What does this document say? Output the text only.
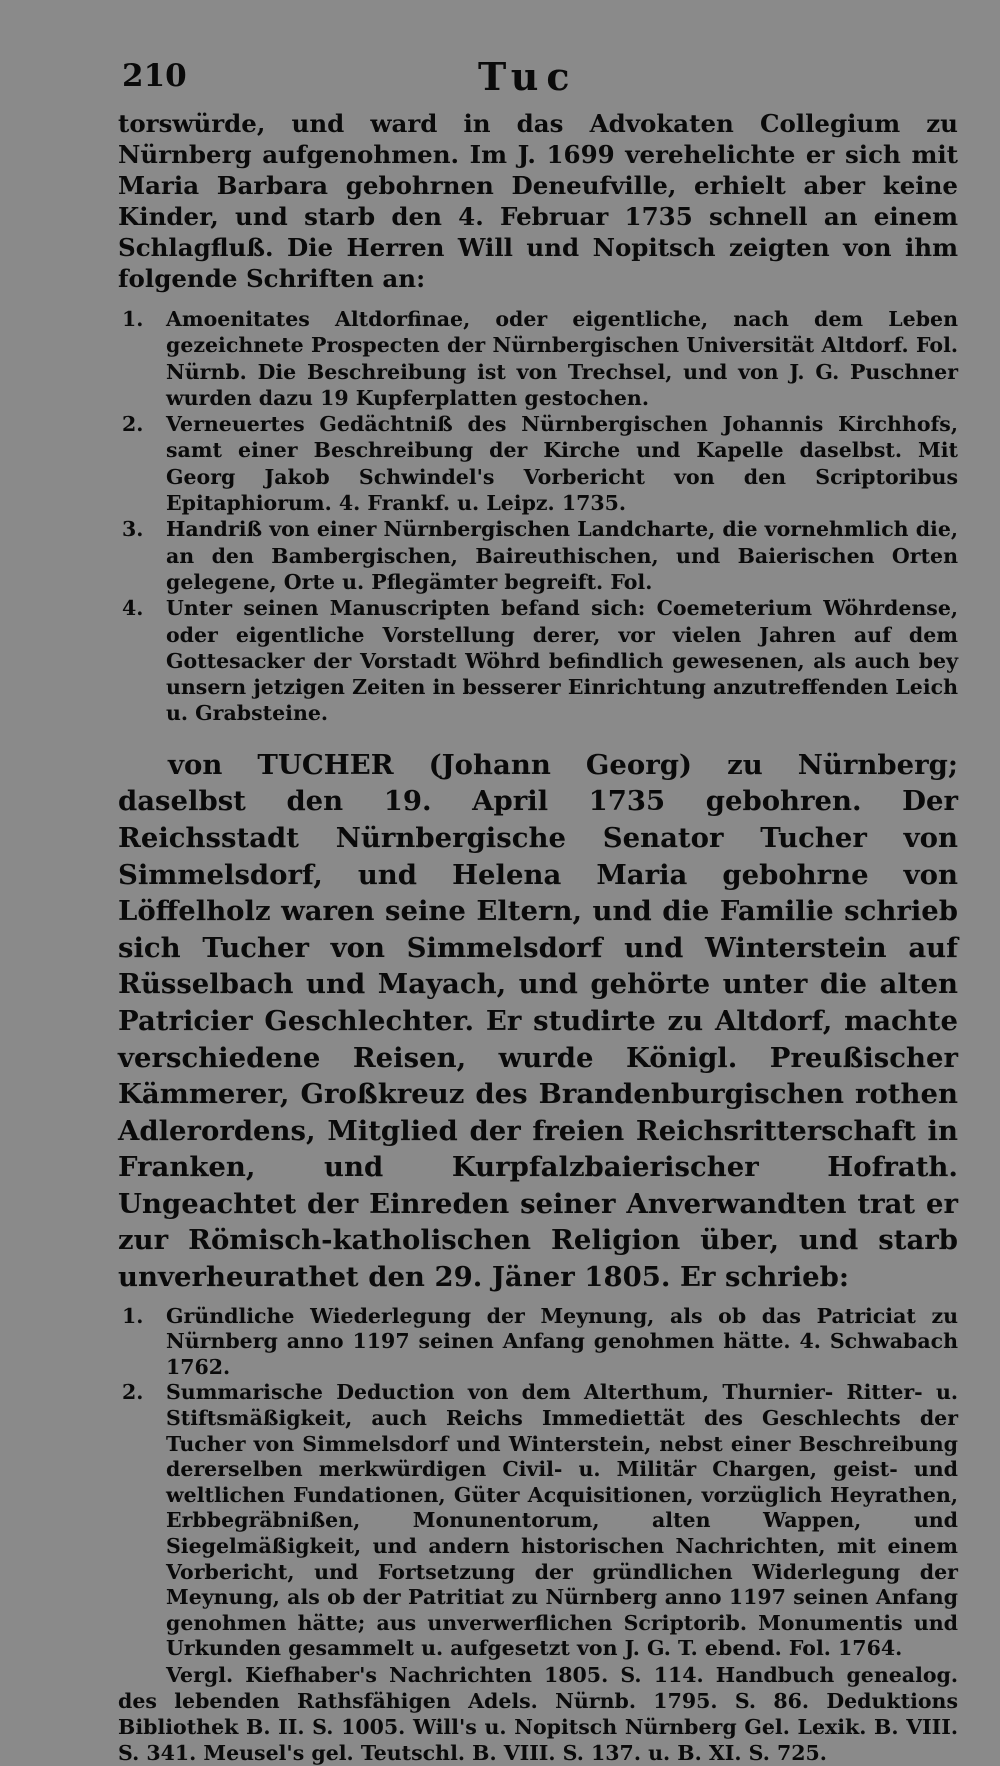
210	Tuc

torswürde, und ward in das Advokaten Collegium zu Nürnberg aufgenohmen. Im J. 1699 verehelichte er sich mit Maria Barbara gebohrnen Deneufville, erhielt aber keine Kinder, und starb den 4. Februar 1735 schnell an einem Schlagfluß. Die Herren Will und Nopitsch zeigten von ihm folgende Schriften an:

1.	Amoenitates Altdorfinae, oder eigentliche, nach dem Leben gezeichnete Prospecten der Nürnbergischen Universität Altdorf. Fol. Nürnb. Die Beschreibung ist von Trechsel, und von J. G. Puschner wurden dazu 19 Kupferplatten gestochen.
2.	Verneuertes Gedächtniß des Nürnbergischen Johannis Kirchhofs, samt einer Beschreibung der Kirche und Kapelle daselbst. Mit Georg Jakob Schwindel's Vorbericht von den Scriptoribus Epitaphiorum. 4. Frankf. u. Leipz. 1735.
3.	Handriß von einer Nürnbergischen Landcharte, die vornehmlich die, an den Bambergischen, Baireuthischen, und Baierischen Orten gelegene, Orte u. Pflegämter begreift. Fol.
4.	Unter seinen Manuscripten befand sich: Coemeterium Wöhrdense, oder eigentliche Vorstellung derer, vor vielen Jahren auf dem Gottesacker der Vorstadt Wöhrd befindlich gewesenen, als auch bey unsern jetzigen Zeiten in besserer Einrichtung anzutreffenden Leich u. Grabsteine.

von TUCHER (Johann Georg) zu Nürnberg; daselbst den 19. April 1735 gebohren. Der Reichsstadt Nürnbergische Senator Tucher von Simmelsdorf, und Helena Maria gebohrne von Löffelholz waren seine Eltern, und die Familie schrieb sich Tucher von Simmelsdorf und Winterstein auf Rüsselbach und Mayach, und gehörte unter die alten Patricier Geschlechter. Er studirte zu Altdorf, machte verschiedene Reisen, wurde Königl. Preußischer Kämmerer, Großkreuz des Brandenburgischen rothen Adlerordens, Mitglied der freien Reichsritterschaft in Franken, und Kurpfalzbaierischer Hofrath. Ungeachtet der Einreden seiner Anverwandten trat er zur Römisch-katholischen Religion über, und starb unverheurathet den 29. Jäner 1805. Er schrieb:

1.	Gründliche Wiederlegung der Meynung, als ob das Patriciat zu Nürnberg anno 1197 seinen Anfang genohmen hätte. 4. Schwabach 1762.
2.	Summarische Deduction von dem Alterthum, Thurnier- Ritter- u. Stiftsmäßigkeit, auch Reichs Immediettät des Geschlechts der Tucher von Simmelsdorf und Winterstein, nebst einer Beschreibung dererselben merkwürdigen Civil- u. Militär Chargen, geist- und weltlichen Fundationen, Güter Acquisitionen, vorzüglich Heyrathen, Erbbegräbnißen, Monunentorum, alten Wappen, und Siegelmäßigkeit, und andern historischen Nachrichten, mit einem Vorbericht, und Fortsetzung der gründlichen Widerlegung der Meynung, als ob der Patritiat zu Nürnberg anno 1197 seinen Anfang genohmen hätte; aus unverwerflichen Scriptorib. Monumentis und Urkunden gesammelt u. aufgesetzt von J. G. T. ebend. Fol. 1764.

Vergl. Kiefhaber's Nachrichten 1805. S. 114. Handbuch genealog. des lebenden Rathsfähigen Adels. Nürnb. 1795. S. 86. Deduktions Bibliothek B. II. S. 1005. Will's u. Nopitsch Nürnberg Gel. Lexik. B. VIII. S. 341. Meusel's gel. Teutschl. B. VIII. S. 137. u. B. XI. S. 725.
